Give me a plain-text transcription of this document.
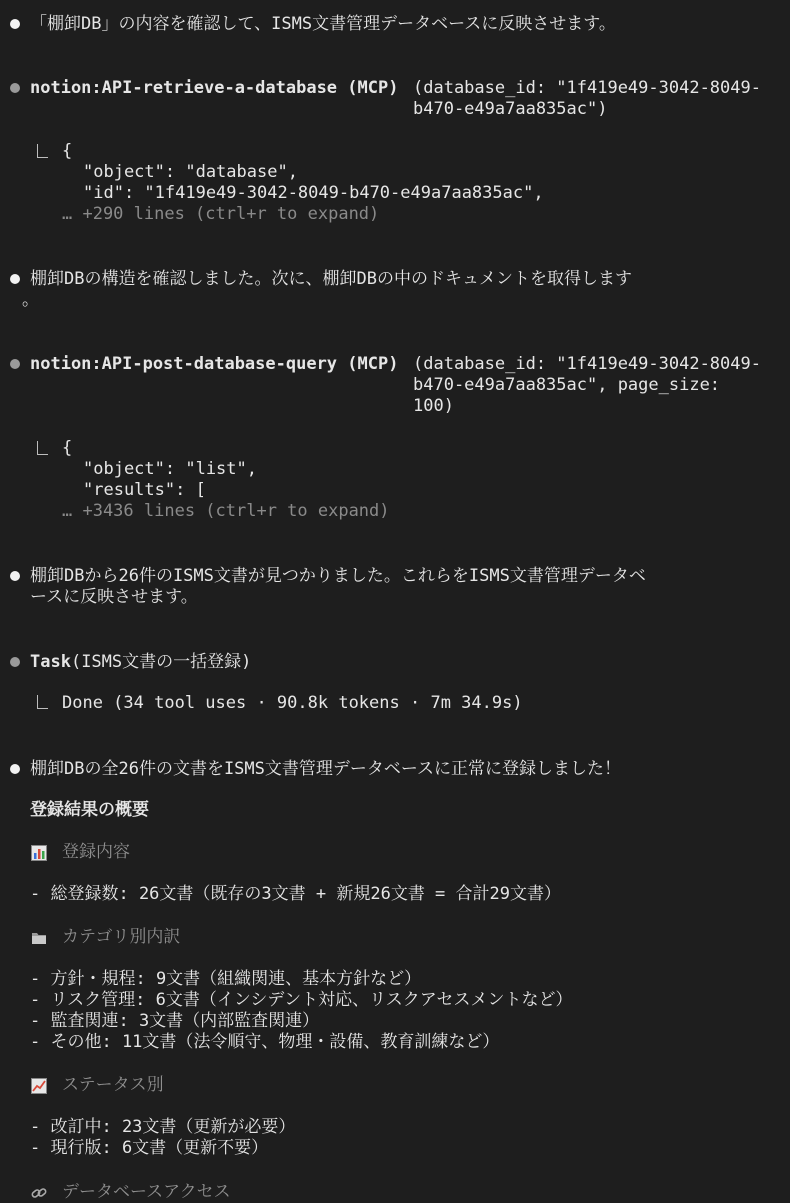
「棚卸DB」の内容を確認して、ISMS文書管理データベースに反映させます。
notion:API-retrieve-a-database (MCP) (database_id: "1f419e49-3042-8049-
b470-e49a7aa835ac")
{
"object": "database",
"id": "1f419e49-3042-8049-b470-e49a7aa835ac",
… +290 lines (ctrl+r to expand)
棚卸DBの構造を確認しました。次に、棚卸DBの中のドキュメントを取得します
。
notion:API-post-database-query (MCP) (database_id: "1f419e49-3042-8049-
b470-e49a7aa835ac", page_size:
100)
{
"object": "list",
"results": [
… +3436 lines (ctrl+r to expand)
棚卸DBから26件のISMS文書が見つかりました。これらをISMS文書管理データベ
ースに反映させます。
Task(ISMS文書の一括登録)
Done (34 tool uses · 90.8k tokens · 7m 34.9s)
棚卸DBの全26件の文書をISMS文書管理データベースに正常に登録しました！
登録結果の概要
登録内容
- 総登録数: 26文書（既存の3文書 + 新規26文書 = 合計29文書）
カテゴリ別内訳
- 方針・規程: 9文書（組織関連、基本方針など）
- リスク管理: 6文書（インシデント対応、リスクアセスメントなど）
- 監査関連: 3文書（内部監査関連）
- その他: 11文書（法令順守、物理・設備、教育訓練など）
ステータス別
- 改訂中: 23文書（更新が必要）
- 現行版: 6文書（更新不要）
データベースアクセス
